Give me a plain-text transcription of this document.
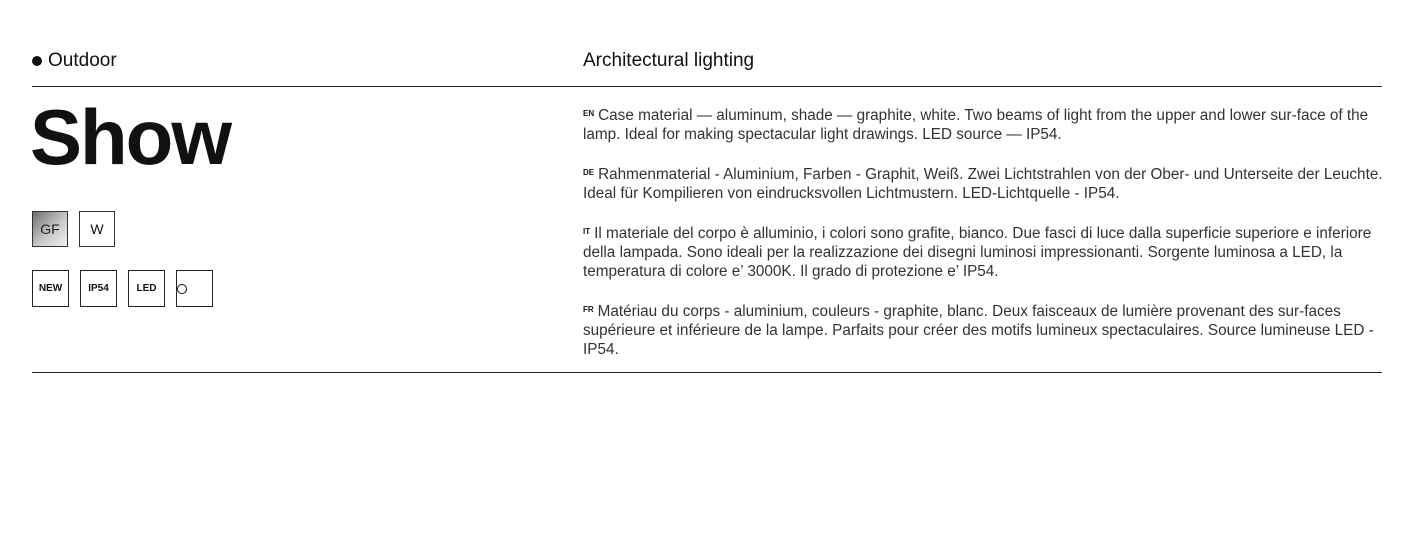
Outdoor	Architectural lighting
Show
GF	W
NEW	IP54	LED

$^{EN}$ Case material — aluminum, shade — graphite, white. Two beams of light from the upper and lower sur-face of the lamp. Ideal for making spectacular light drawings. LED source — IP54.

$^{DE}$ Rahmenmaterial - Aluminium, Farben - Graphit, Weiß. Zwei Lichtstrahlen von der Ober- und Unterseite der Leuchte. Ideal für Kompilieren von eindrucksvollen Lichtmustern. LED-Lichtquelle - IP54.

$^{IT}$ Il materiale del corpo è alluminio, i colori sono grafite, bianco. Due fasci di luce dalla superficie superiore e inferiore della lampada. Sono ideali per la realizzazione dei disegni luminosi impressionanti. Sorgente luminosa a LED, la temperatura di colore e’ 3000K. Il grado di protezione e’ IP54.

$^{FR}$ Matériau du corps - aluminium, couleurs - graphite, blanc. Deux faisceaux de lumière provenant des sur-faces supérieure et inférieure de la lampe. Parfaits pour créer des motifs lumineux spectaculaires. Source lumineuse LED - IP54.
